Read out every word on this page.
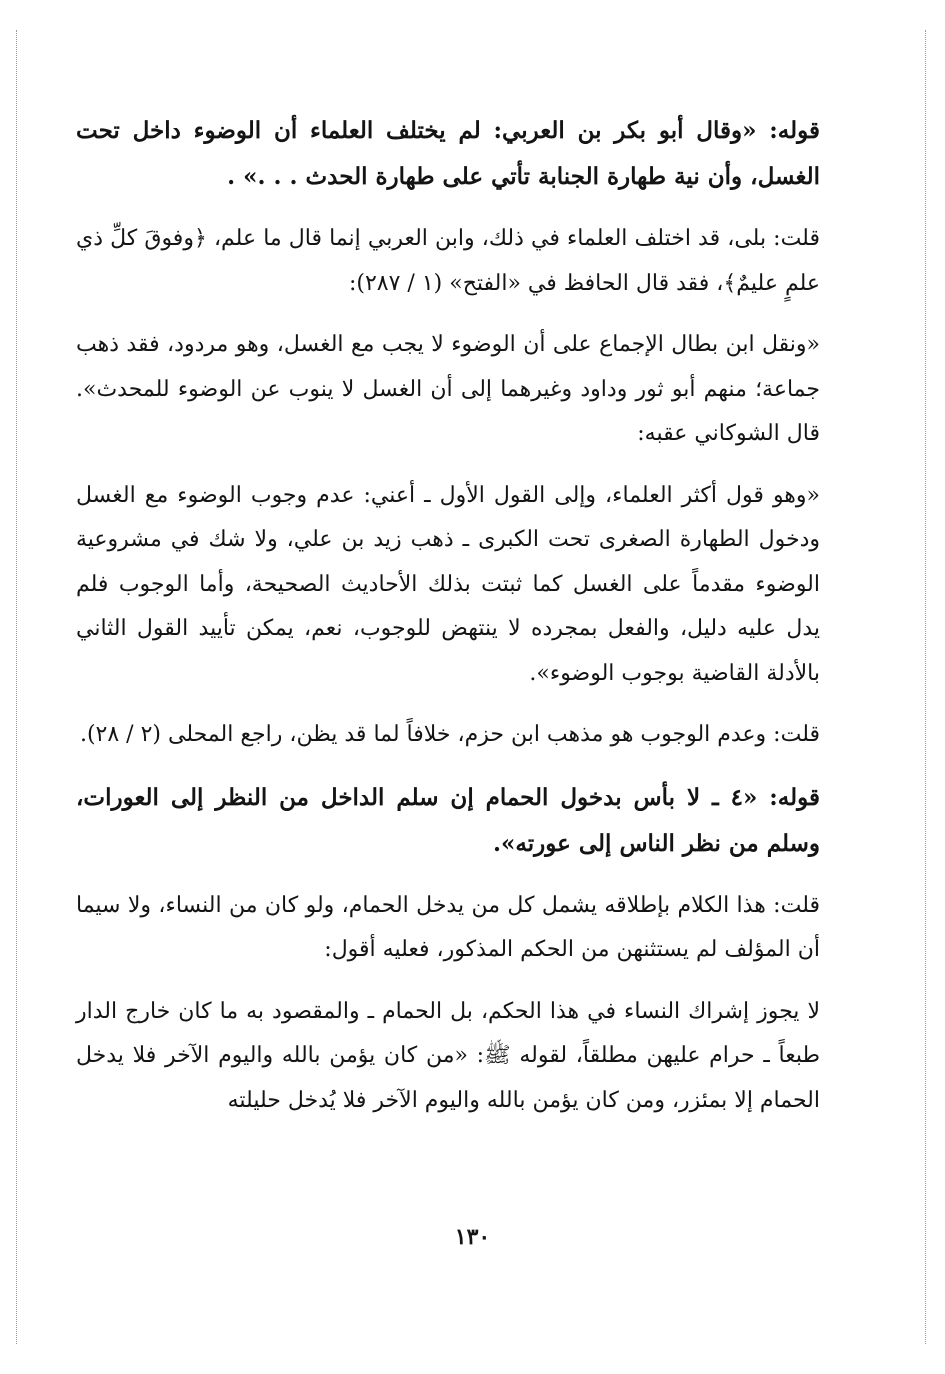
قوله: «وقال أبو بكر بن العربي: لم يختلف العلماء أن الوضوء داخل تحت الغسل، وأن نية طهارة الجنابة تأتي على طهارة الحدث . . .» .

قلت: بلى، قد اختلف العلماء في ذلك، وابن العربي إنما قال ما علم، ﴿وفوقَ كلِّ ذي علمٍ عليمٌ﴾، فقد قال الحافظ في «الفتح» (١ / ٢٨٧):

«ونقل ابن بطال الإجماع على أن الوضوء لا يجب مع الغسل، وهو مردود، فقد ذهب جماعة؛ منهم أبو ثور وداود وغيرهما إلى أن الغسل لا ينوب عن الوضوء للمحدث». قال الشوكاني عقبه:

«وهو قول أكثر العلماء، وإلى القول الأول ـ أعني: عدم وجوب الوضوء مع الغسل ودخول الطهارة الصغرى تحت الكبرى ـ ذهب زيد بن علي، ولا شك في مشروعية الوضوء مقدماً على الغسل كما ثبتت بذلك الأحاديث الصحيحة، وأما الوجوب فلم يدل عليه دليل، والفعل بمجرده لا ينتهض للوجوب، نعم، يمكن تأييد القول الثاني بالأدلة القاضية بوجوب الوضوء».

قلت: وعدم الوجوب هو مذهب ابن حزم، خلافاً لما قد يظن، راجع المحلى (٢ / ٢٨).

قوله: «٤ ـ لا بأس بدخول الحمام إن سلم الداخل من النظر إلى العورات، وسلم من نظر الناس إلى عورته».

قلت: هذا الكلام بإطلاقه يشمل كل من يدخل الحمام، ولو كان من النساء، ولا سيما أن المؤلف لم يستثنهن من الحكم المذكور، فعليه أقول:

لا يجوز إشراك النساء في هذا الحكم، بل الحمام ـ والمقصود به ما كان خارج الدار طبعاً ـ حرام عليهن مطلقاً، لقوله ﷺ: «من كان يؤمن بالله واليوم الآخر فلا يدخل الحمام إلا بمئزر، ومن كان يؤمن بالله واليوم الآخر فلا يُدخل حليلته

١٣٠
